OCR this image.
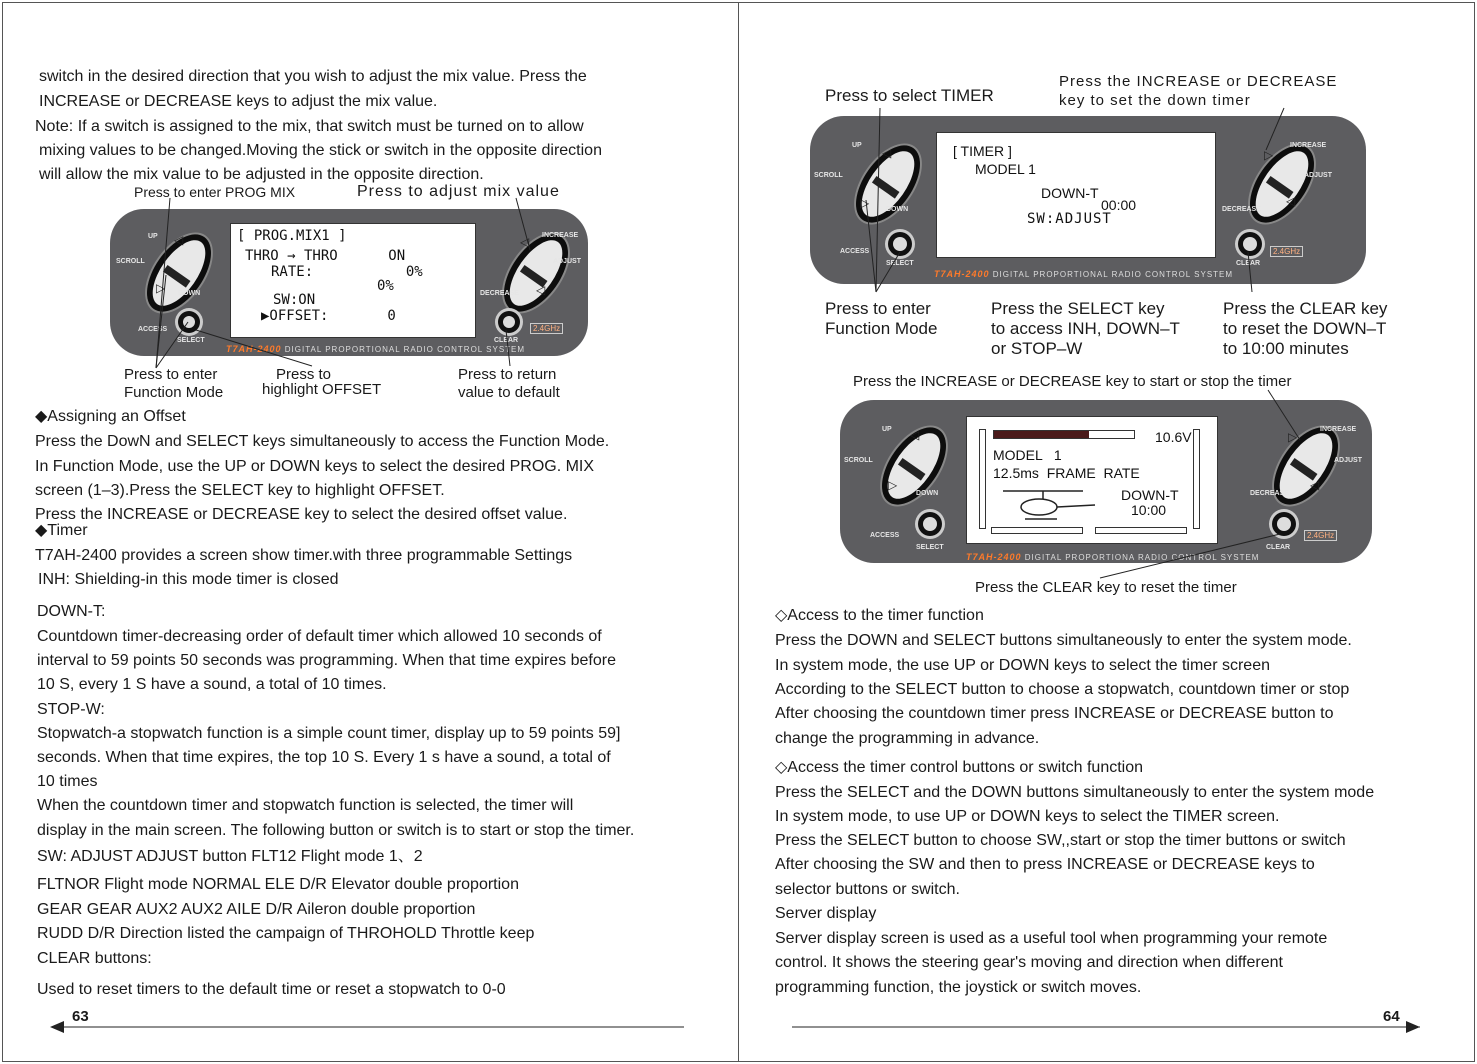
switch in the desired direction that you wish to adjust the mix value. Press the
INCREASE or DECREASE keys to adjust the mix value.
Note: If a switch is assigned to the mix, that switch must be turned on to allow
mixing values to be changed.Moving the stick or switch in the opposite direction
will allow the mix value to be adjusted in the opposite direction.
Press to enter PROG MIX	Press to adjust mix value
◁
▷
UP
SCROLL
DOWN
ACCESS
SELECT
[ PROG.MIX1 ]
THRO → THRO      ON
RATE:           0%
0%
SW:ON
▶OFFSET:       0
◁
◁
INCREASE
ADJUST
DECREASE
CLEAR
2.4GHz
T7AH-2400 DIGITAL PROPORTIONAL RADIO CONTROL SYSTEM
Press to enter
Function Mode
Press to
highlight OFFSET
Press to return
value to default
◆Assigning an Offset
Press the DowN and SELECT keys simultaneously to access the Function Mode.
In Function Mode, use the UP or DOWN keys to select the desired PROG. MIX
screen (1–3).Press the SELECT key to highlight OFFSET.
Press the INCREASE or DECREASE key to select the desired offset value.
◆Timer
T7AH-2400 provides a screen show timer.with three programmable Settings
INH: Shielding-in this mode timer is closed
DOWN-T:
Countdown timer-decreasing order of default timer which allowed 10 seconds of
interval to 59 points 50 seconds was programming. When that time expires before
10 S, every 1 S have a sound, a total of 10 times.
STOP-W:
Stopwatch-a stopwatch function is a simple count timer, display up to 59 points 59]
seconds. When that time expires, the top 10 S. Every 1 s have a sound, a total of
10 times
When the countdown timer and stopwatch function is selected, the timer will
display in the main screen. The following button or switch is to start or stop the timer.
SW: ADJUST ADJUST button FLT12 Flight mode 1、2
FLTNOR Flight mode NORMAL ELE D/R Elevator double proportion
GEAR GEAR AUX2 AUX2 AILE D/R Aileron double proportion
RUDD D/R Direction listed the campaign of THROHOLD Throttle keep
CLEAR buttons:
Used to reset timers to the default time or reset a stopwatch to 0-0
63
Press to select TIMER
Press the INCREASE or DECREASE
key to set the down timer
◁
▷
UP
SCROLL
DOWN
ACCESS
SELECT
[ TIMER ]
MODEL 1
DOWN-T
00:00
SW:ADJUST
▷
◁
INCREASE
ADJUST
DECREASE
CLEAR
2.4GHz
T7AH-2400 DIGITAL PROPORTIONAL RADIO CONTROL SYSTEM
Press to enter
Function Mode
Press the SELECT key
to access INH, DOWN–T
or STOP–W
Press the CLEAR key
to reset the DOWN–T
to 10:00 minutes
Press the INCREASE or DECREASE key to start or stop the timer
◁
▷
UP
SCROLL
DOWN
ACCESS
SELECT
10.6V
MODEL   1
12.5ms  FRAME  RATE
DOWN-T
10:00
▷
◁
INCREASE
ADJUST
DECREASE
CLEAR
2.4GHz
T7AH-2400 DIGITAL PROPORTIONA RADIO CONTROL SYSTEM
Press the CLEAR key to reset the timer
◇Access to the timer function
Press the DOWN and SELECT buttons simultaneously to enter the system mode.
In system mode, the use UP or DOWN keys to select the timer screen
According to the SELECT button to choose a stopwatch, countdown timer or stop
After choosing the countdown timer press INCREASE or DECREASE button to
change the programming in advance.
◇Access the timer control buttons or switch function
Press the SELECT and the DOWN buttons simultaneously to enter the system mode
In system mode, to use UP or DOWN keys to select the TIMER screen.
Press the SELECT button to choose SW,,start or stop the timer buttons or switch
After choosing the SW and then to press INCREASE or DECREASE keys to
selector buttons or switch.
Server display
Server display screen is used as a useful tool when programming your remote
control. It shows the steering gear's moving and direction when different
programming function, the joystick or switch moves.
64
